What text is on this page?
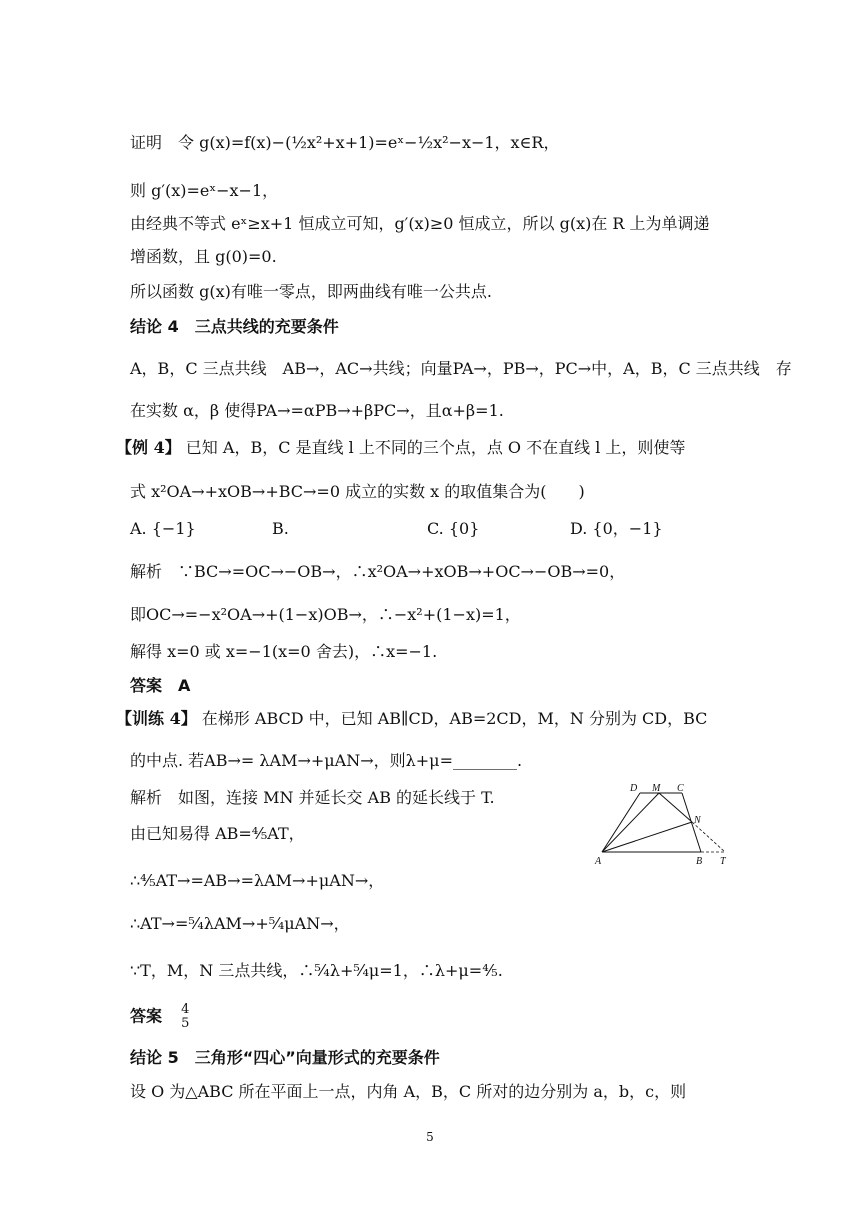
证明　令 g(x)=f(x)−(½x²+x+1)=eˣ−½x²−x−1，x∈R，
则 g′(x)=eˣ−x−1，
由经典不等式 eˣ≥x+1 恒成立可知，g′(x)≥0 恒成立，所以 g(x)在 R 上为单调递
增函数，且 g(0)=0.
所以函数 g(x)有唯一零点，即两曲线有唯一公共点.
结论 4　三点共线的充要条件
A，B，C 三点共线　AB→，AC→共线；向量PA→，PB→，PC→中，A，B，C 三点共线　存
在实数 α，β 使得PA→=αPB→+βPC→，且α+β=1.
【例 4】 已知 A，B，C 是直线 l 上不同的三个点，点 O 不在直线 l 上，则使等
式 x²OA→+xOB→+BC→=0 成立的实数 x 的取值集合为(　　)
A. {−1}	B.	C. {0}	D. {0，−1}
解析　∵BC→=OC→−OB→，∴x²OA→+xOB→+OC→−OB→=0，
即OC→=−x²OA→+(1−x)OB→，∴−x²+(1−x)=1，
解得 x=0 或 x=−1(x=0 舍去)，∴x=−1.
答案　A
【训练 4】 在梯形 ABCD 中，已知 AB∥CD，AB=2CD，M，N 分别为 CD，BC
的中点. 若AB→= λAM→+μAN→，则λ+μ=________.
解析　如图，连接 MN 并延长交 AB 的延长线于 T.
由已知易得 AB=⁴⁄₅AT，
∴⁴⁄₅AT→=AB→=λAM→+μAN→，
∴AT→=⁵⁄₄λAM→+⁵⁄₄μAN→，
∵T，M，N 三点共线，∴⁵⁄₄λ+⁵⁄₄μ=1，∴λ+μ=⁴⁄₅.
答案 4
5
结论 5　三角形“四心”向量形式的充要条件
设 O 为△ABC 所在平面上一点，内角 A，B，C 所对的边分别为 a，b，c，则
D M C
N
A	B T
5
